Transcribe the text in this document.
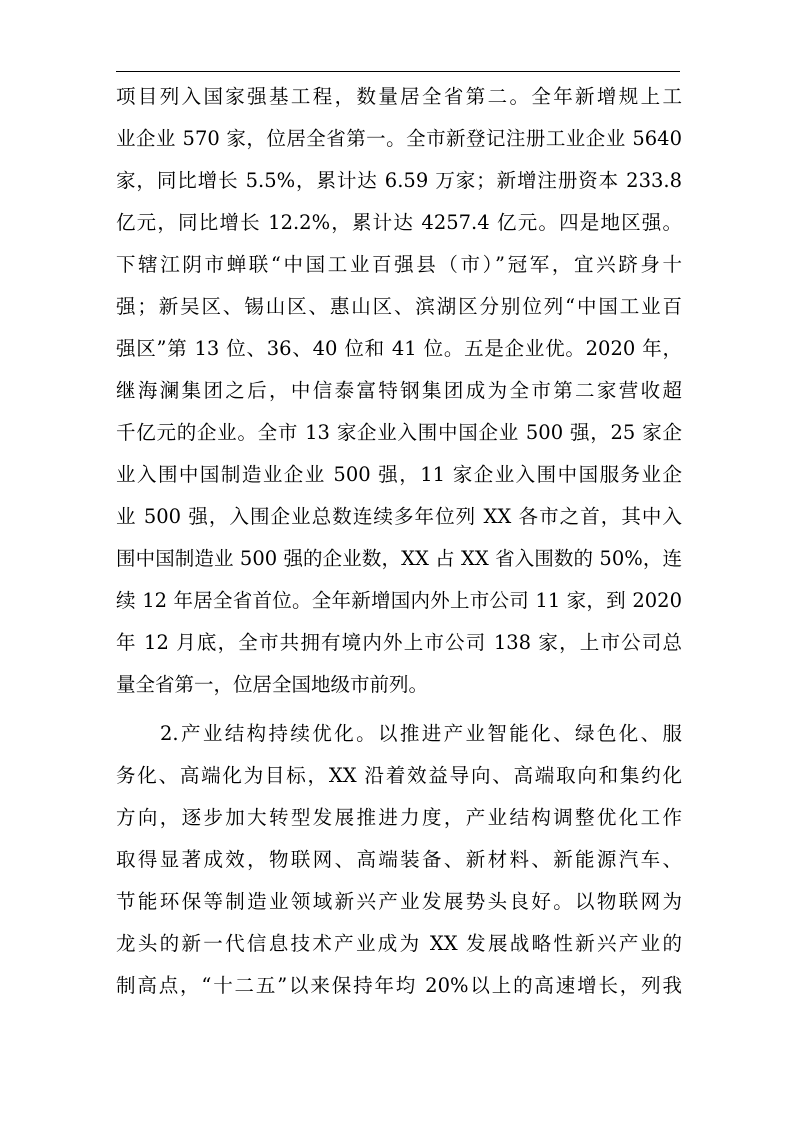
项目列入国家强基工程，数量居全省第二。全年新增规上工
业企业 570 家，位居全省第一。全市新登记注册工业企业 5640
家，同比增长 5.5%，累计达 6.59 万家；新增注册资本 233.8
亿元，同比增长 12.2%，累计达 4257.4 亿元。四是地区强。
下辖江阴市蝉联“中国工业百强县（市）”冠军，宜兴跻身十
强；新吴区、锡山区、惠山区、滨湖区分别位列“中国工业百
强区”第 13 位、36、40 位和 41 位。五是企业优。2020 年，
继海澜集团之后，中信泰富特钢集团成为全市第二家营收超
千亿元的企业。全市 13 家企业入围中国企业 500 强，25 家企
业入围中国制造业企业 500 强，11 家企业入围中国服务业企
业 500 强，入围企业总数连续多年位列 XX 各市之首，其中入
围中国制造业 500 强的企业数，XX 占 XX 省入围数的 50%，连
续 12 年居全省首位。全年新增国内外上市公司 11 家，到 2020
年 12 月底，全市共拥有境内外上市公司 138 家，上市公司总
量全省第一，位居全国地级市前列。
2.产业结构持续优化。以推进产业智能化、绿色化、服
务化、高端化为目标，XX 沿着效益导向、高端取向和集约化
方向，逐步加大转型发展推进力度，产业结构调整优化工作
取得显著成效，物联网、高端装备、新材料、新能源汽车、
节能环保等制造业领域新兴产业发展势头良好。以物联网为
龙头的新一代信息技术产业成为 XX 发展战略性新兴产业的
制高点，“十二五”以来保持年均 20%以上的高速增长，列我
